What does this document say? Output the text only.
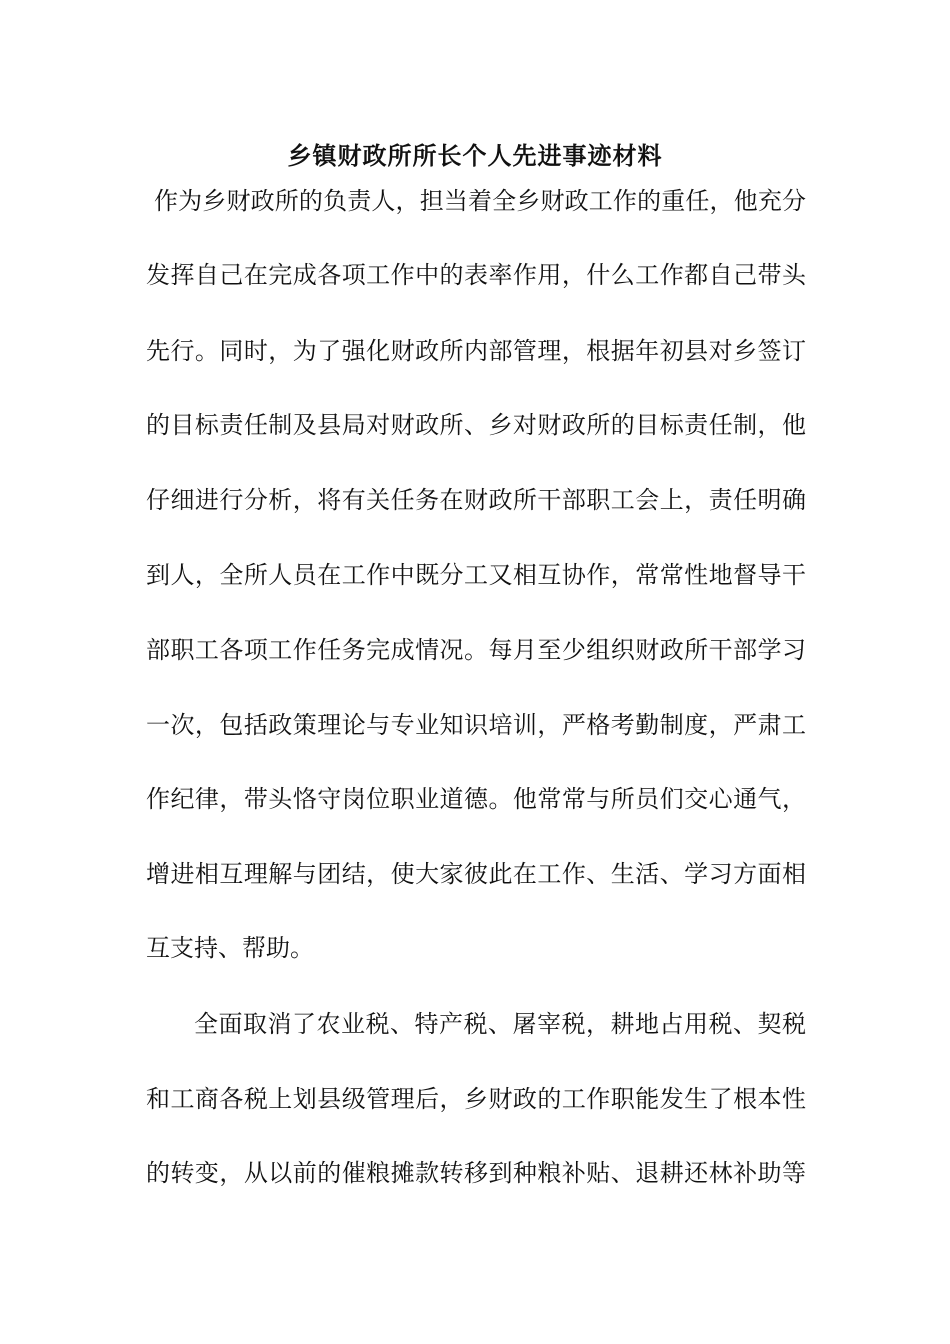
乡镇财政所所长个人先进事迹材料

作为乡财政所的负责人，担当着全乡财政工作的重任，他充分

发挥自己在完成各项工作中的表率作用，什么工作都自己带头

先行。同时，为了强化财政所内部管理，根据年初县对乡签订

的目标责任制及县局对财政所、乡对财政所的目标责任制，他

仔细进行分析，将有关任务在财政所干部职工会上，责任明确

到人，全所人员在工作中既分工又相互协作，常常性地督导干

部职工各项工作任务完成情况。每月至少组织财政所干部学习

一次，包括政策理论与专业知识培训，严格考勤制度，严肃工

作纪律，带头恪守岗位职业道德。他常常与所员们交心通气，

增进相互理解与团结，使大家彼此在工作、生活、学习方面相

互支持、帮助。

全面取消了农业税、特产税、屠宰税，耕地占用税、契税

和工商各税上划县级管理后，乡财政的工作职能发生了根本性

的转变，从以前的催粮摊款转移到种粮补贴、退耕还林补助等
